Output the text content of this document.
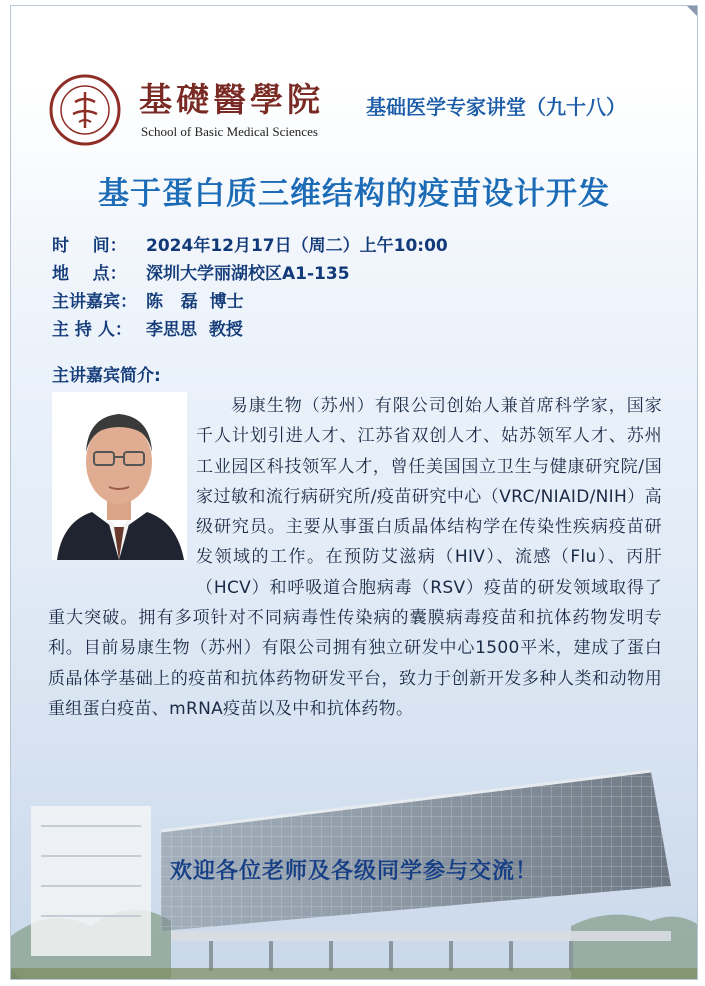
基礎醫學院
School of Basic Medical Sciences
基础医学专家讲堂（九十八）
基于蛋白质三维结构的疫苗设计开发
时    间：	2024年12月17日（周二）上午10:00
地    点：	深圳大学丽湖校区A1-135
主讲嘉宾： 陈   磊  博士
主 持 人： 李思思  教授
主讲嘉宾简介:
易康生物（苏州）有限公司创始人兼首席科学家，国家千人计划引进人才、江苏省双创人才、姑苏领军人才、苏州工业园区科技领军人才，曾任美国国立卫生与健康研究院/国家过敏和流行病研究所/疫苗研究中心（VRC/NIAID/NIH）高级研究员。主要从事蛋白质晶体结构学在传染性疾病疫苗研发领域的工作。在预防艾滋病（HIV）、流感（Flu）、丙肝（HCV）和呼吸道合胞病毒（RSV）疫苗的研发领域取得了重大突破。拥有多项针对不同病毒性传染病的囊膜病毒疫苗和抗体药物发明专利。目前易康生物（苏州）有限公司拥有独立研发中心1500平米，建成了蛋白质晶体学基础上的疫苗和抗体药物研发平台，致力于创新开发多种人类和动物用重组蛋白疫苗、mRNA疫苗以及中和抗体药物。
欢迎各位老师及各级同学参与交流！
